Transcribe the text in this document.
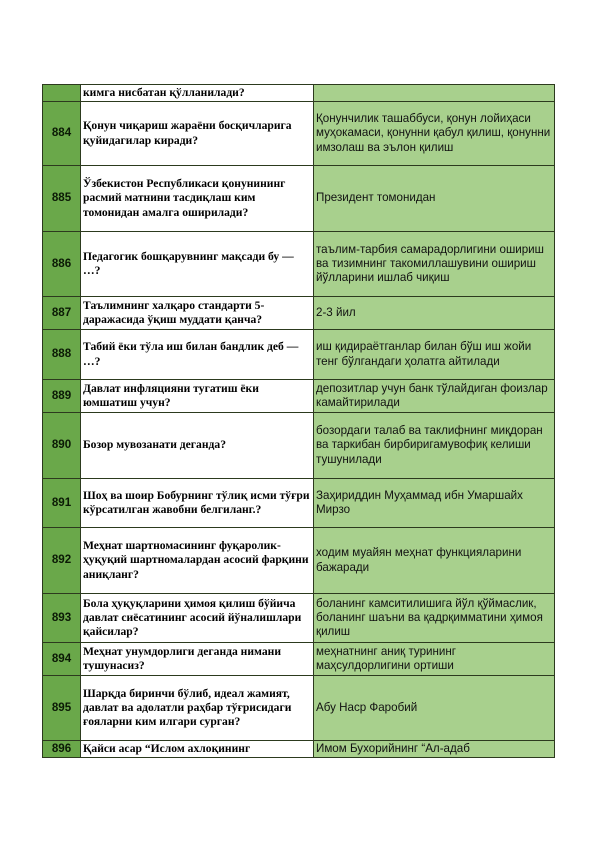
	кимга нисбатан қўлланилади?	
884	Қонун чиқариш жараёни босқичларига қуйидагилар киради?	Қонунчилик ташаббуси, қонун лойиҳаси муҳокамаси, қонунни қабул қилиш, қонунни имзолаш ва эълон қилиш
885	Ўзбекистон Республикаси қонунининг расмий матнини тасдиқлаш ким томонидан амалга оширилади?	Президент томонидан
886	Педагогик бошқарувнинг мақсади бу — …?	таълим-тарбия самарадорлигини ошириш ва тизимнинг такомиллашувини ошириш йўлларини ишлаб чиқиш
887	Таълимнинг халқаро стандарти 5-даражасида ўқиш муддати қанча?	2-3 йил
888	Табий ёки тўла иш билан бандлик деб — …?	иш қидираётганлар билан бўш иш жойи тенг бўлгандаги ҳолатга айтилади
889	Давлат инфляцияни тугатиш ёки юмшатиш учун?	депозитлар учун банк тўлайдиган фоизлар камайтирилади
890	Бозор мувозанати деганда?	бозордаги талаб ва таклифнинг миқдоран ва таркибан бирбиригамувофиқ келиши тушунилади
891	Шоҳ ва шоир Бобурнинг тўлиқ исми тўғри кўрсатилган жавобни белгиланг.?	Заҳириддин Муҳаммад ибн Умаршайх Мирзо
892	Меҳнат шартномасининг фуқаролик-ҳуқуқий шартномалардан асосий фарқини аниқланг?	ходим муайян меҳнат функцияларини бажаради
893	Бола ҳуқуқларини ҳимоя қилиш бўйича давлат сиёсатининг асосий йўналишлари қайсилар?	боланинг камситилишига йўл қўймаслик, боланинг шаъни ва қадрқимматини ҳимоя қилиш
894	Меҳнат унумдорлиги деганда нимани тушунасиз?	меҳнатнинг аниқ турининг маҳсулдорлигини ортиши
895	Шарқда биринчи бўлиб, идеал жамият, давлат ва адолатли раҳбар тўғрисидаги ғояларни ким илгари сурган?	Абу Наср Фаробий
896	Қайси асар “Ислом ахлоқининг	Имом Бухорийнинг “Ал-адаб
